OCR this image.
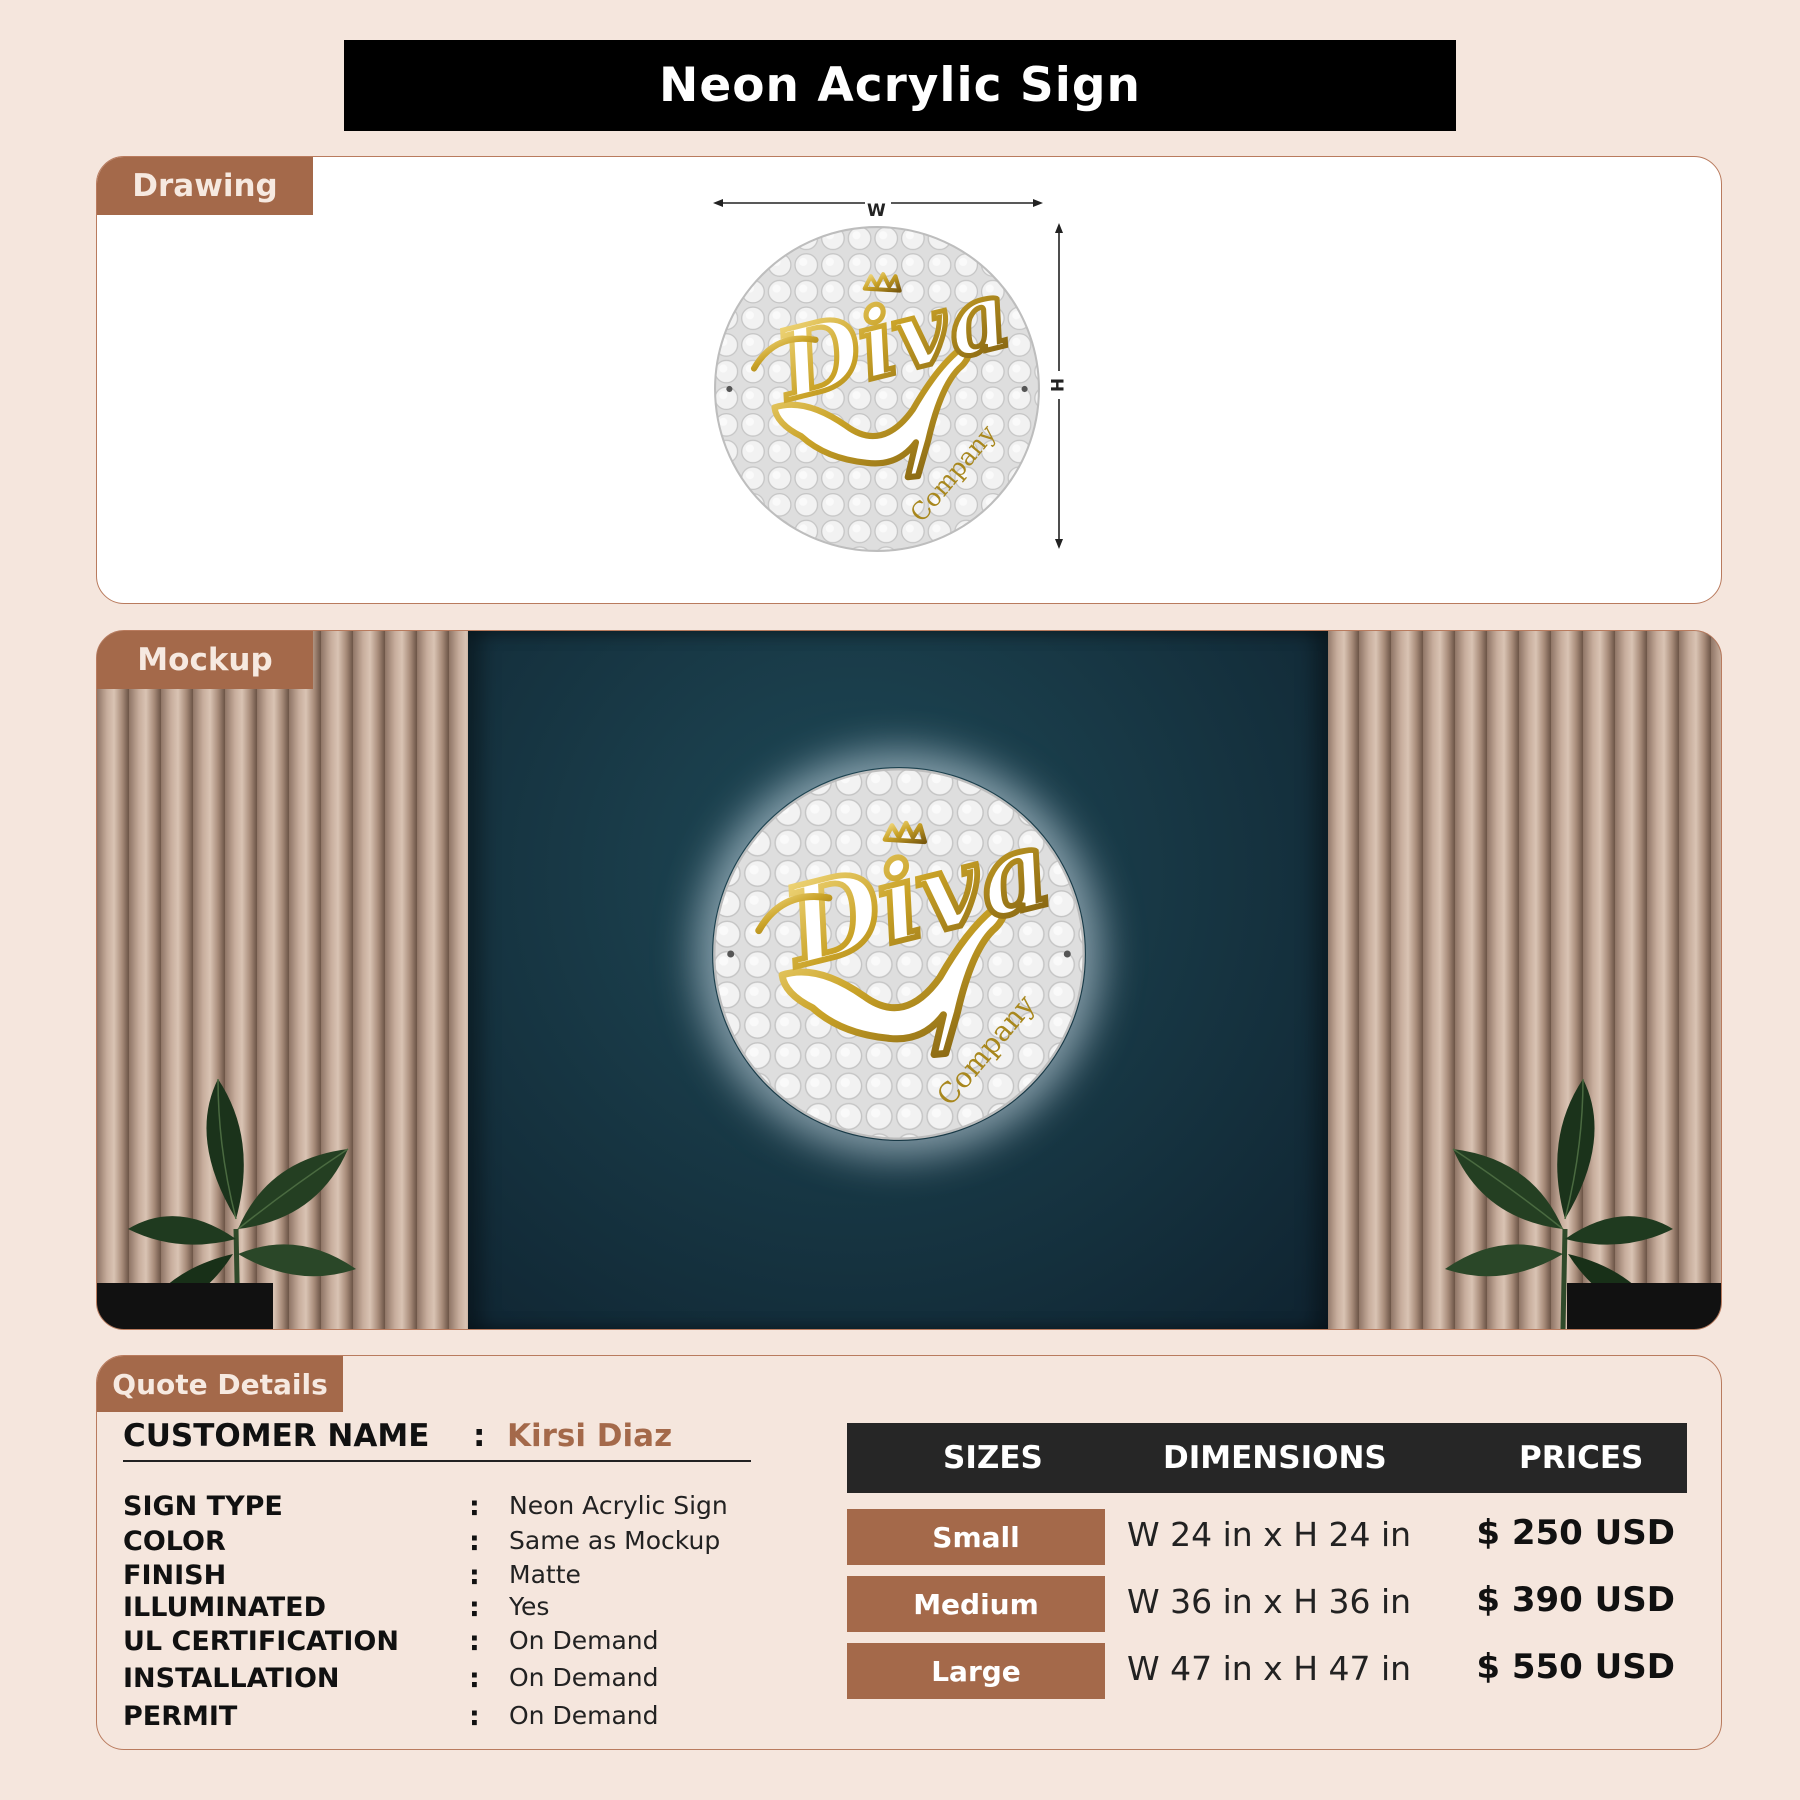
Neon Acrylic Sign
Drawing
W
H
Mockup
Quote Details
CUSTOMER NAME : Kirsi Diaz
SIGN TYPE	: Neon Acrylic Sign
COLOR	: Same as Mockup
FINISH	: Matte
ILLUMINATED	: Yes
UL CERTIFICATION	: On Demand
INSTALLATION	: On Demand
PERMIT	: On Demand
SIZES	DIMENSIONS	PRICES
Small	W 24 in x H 24 in $ 250 USD
Medium	W 36 in x H 36 in $ 390 USD
Large	W 47 in x H 47 in $ 550 USD
